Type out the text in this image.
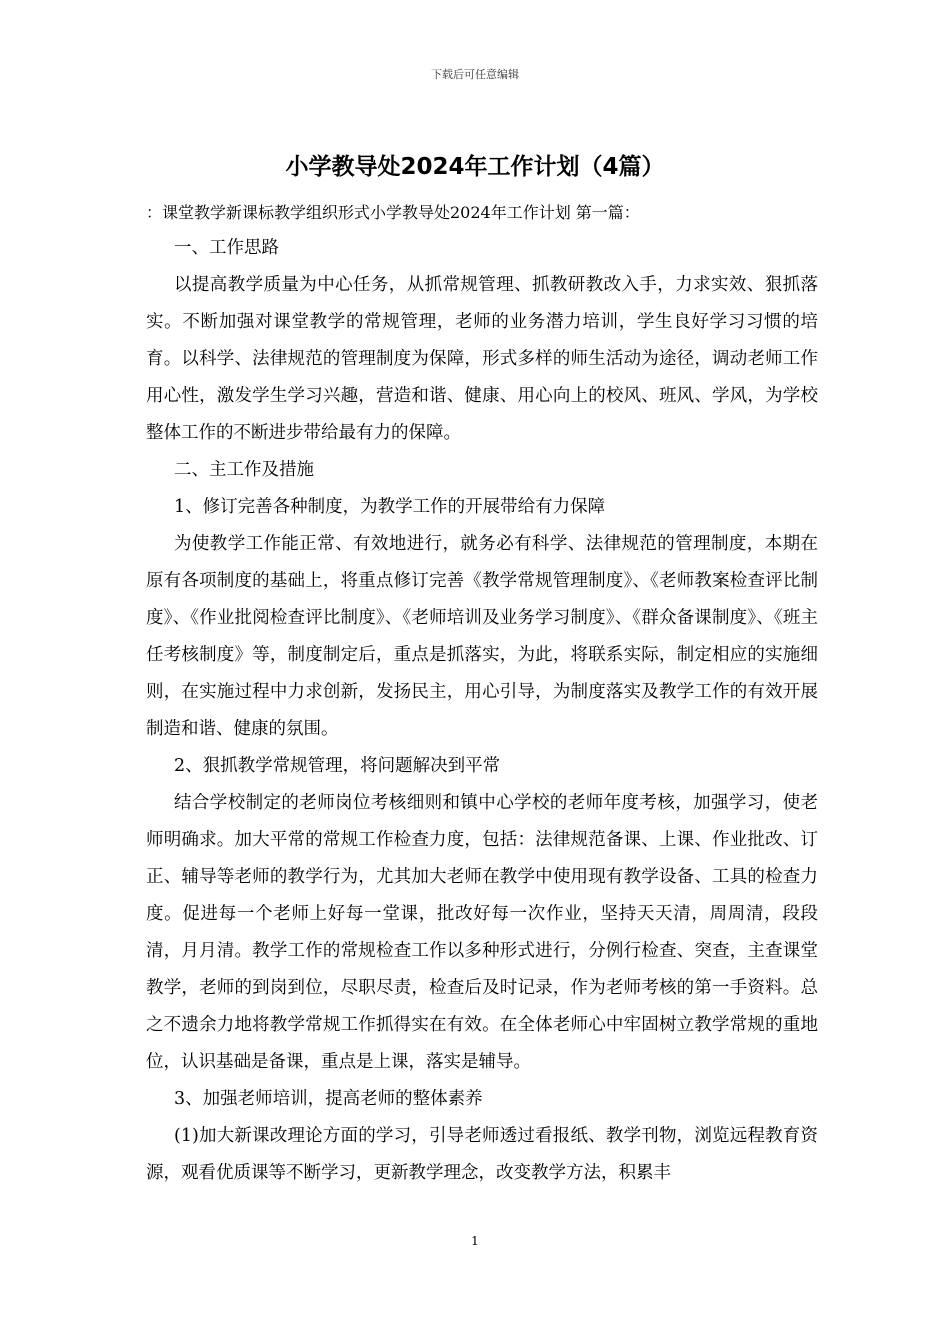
下载后可任意编辑
小学教导处2024年工作计划（4篇）

：课堂教学新课标教学组织形式小学教导处2024年工作计划 第一篇：

一、工作思路

以提高教学质量为中心任务，从抓常规管理、抓教研教改入手，力求实效、狠抓落实。不断加强对课堂教学的常规管理，老师的业务潜力培训，学生良好学习习惯的培育。以科学、法律规范的管理制度为保障，形式多样的师生活动为途径，调动老师工作用心性，激发学生学习兴趣，营造和谐、健康、用心向上的校风、班风、学风，为学校整体工作的不断进步带给最有力的保障。

二、主工作及措施

1、修订完善各种制度，为教学工作的开展带给有力保障

为使教学工作能正常、有效地进行，就务必有科学、法律规范的管理制度，本期在原有各项制度的基础上，将重点修订完善《教学常规管理制度》、《老师教案检查评比制度》、《作业批阅检查评比制度》、《老师培训及业务学习制度》、《群众备课制度》、《班主任考核制度》等，制度制定后，重点是抓落实，为此，将联系实际，制定相应的实施细则，在实施过程中力求创新，发扬民主，用心引导，为制度落实及教学工作的有效开展制造和谐、健康的氛围。

2、狠抓教学常规管理，将问题解决到平常

结合学校制定的老师岗位考核细则和镇中心学校的老师年度考核，加强学习，使老师明确求。加大平常的常规工作检查力度，包括：法律规范备课、上课、作业批改、订正、辅导等老师的教学行为，尤其加大老师在教学中使用现有教学设备、工具的检查力度。促进每一个老师上好每一堂课，批改好每一次作业，坚持天天清，周周清，段段清，月月清。教学工作的常规检查工作以多种形式进行，分例行检查、突查，主查课堂教学，老师的到岗到位，尽职尽责，检查后及时记录，作为老师考核的第一手资料。总之不遗余力地将教学常规工作抓得实在有效。在全体老师心中牢固树立教学常规的重地位，认识基础是备课，重点是上课，落实是辅导。

3、加强老师培训，提高老师的整体素养

(1)加大新课改理论方面的学习，引导老师透过看报纸、教学刊物，浏览远程教育资源，观看优质课等不断学习，更新教学理念，改变教学方法，积累丰

1
